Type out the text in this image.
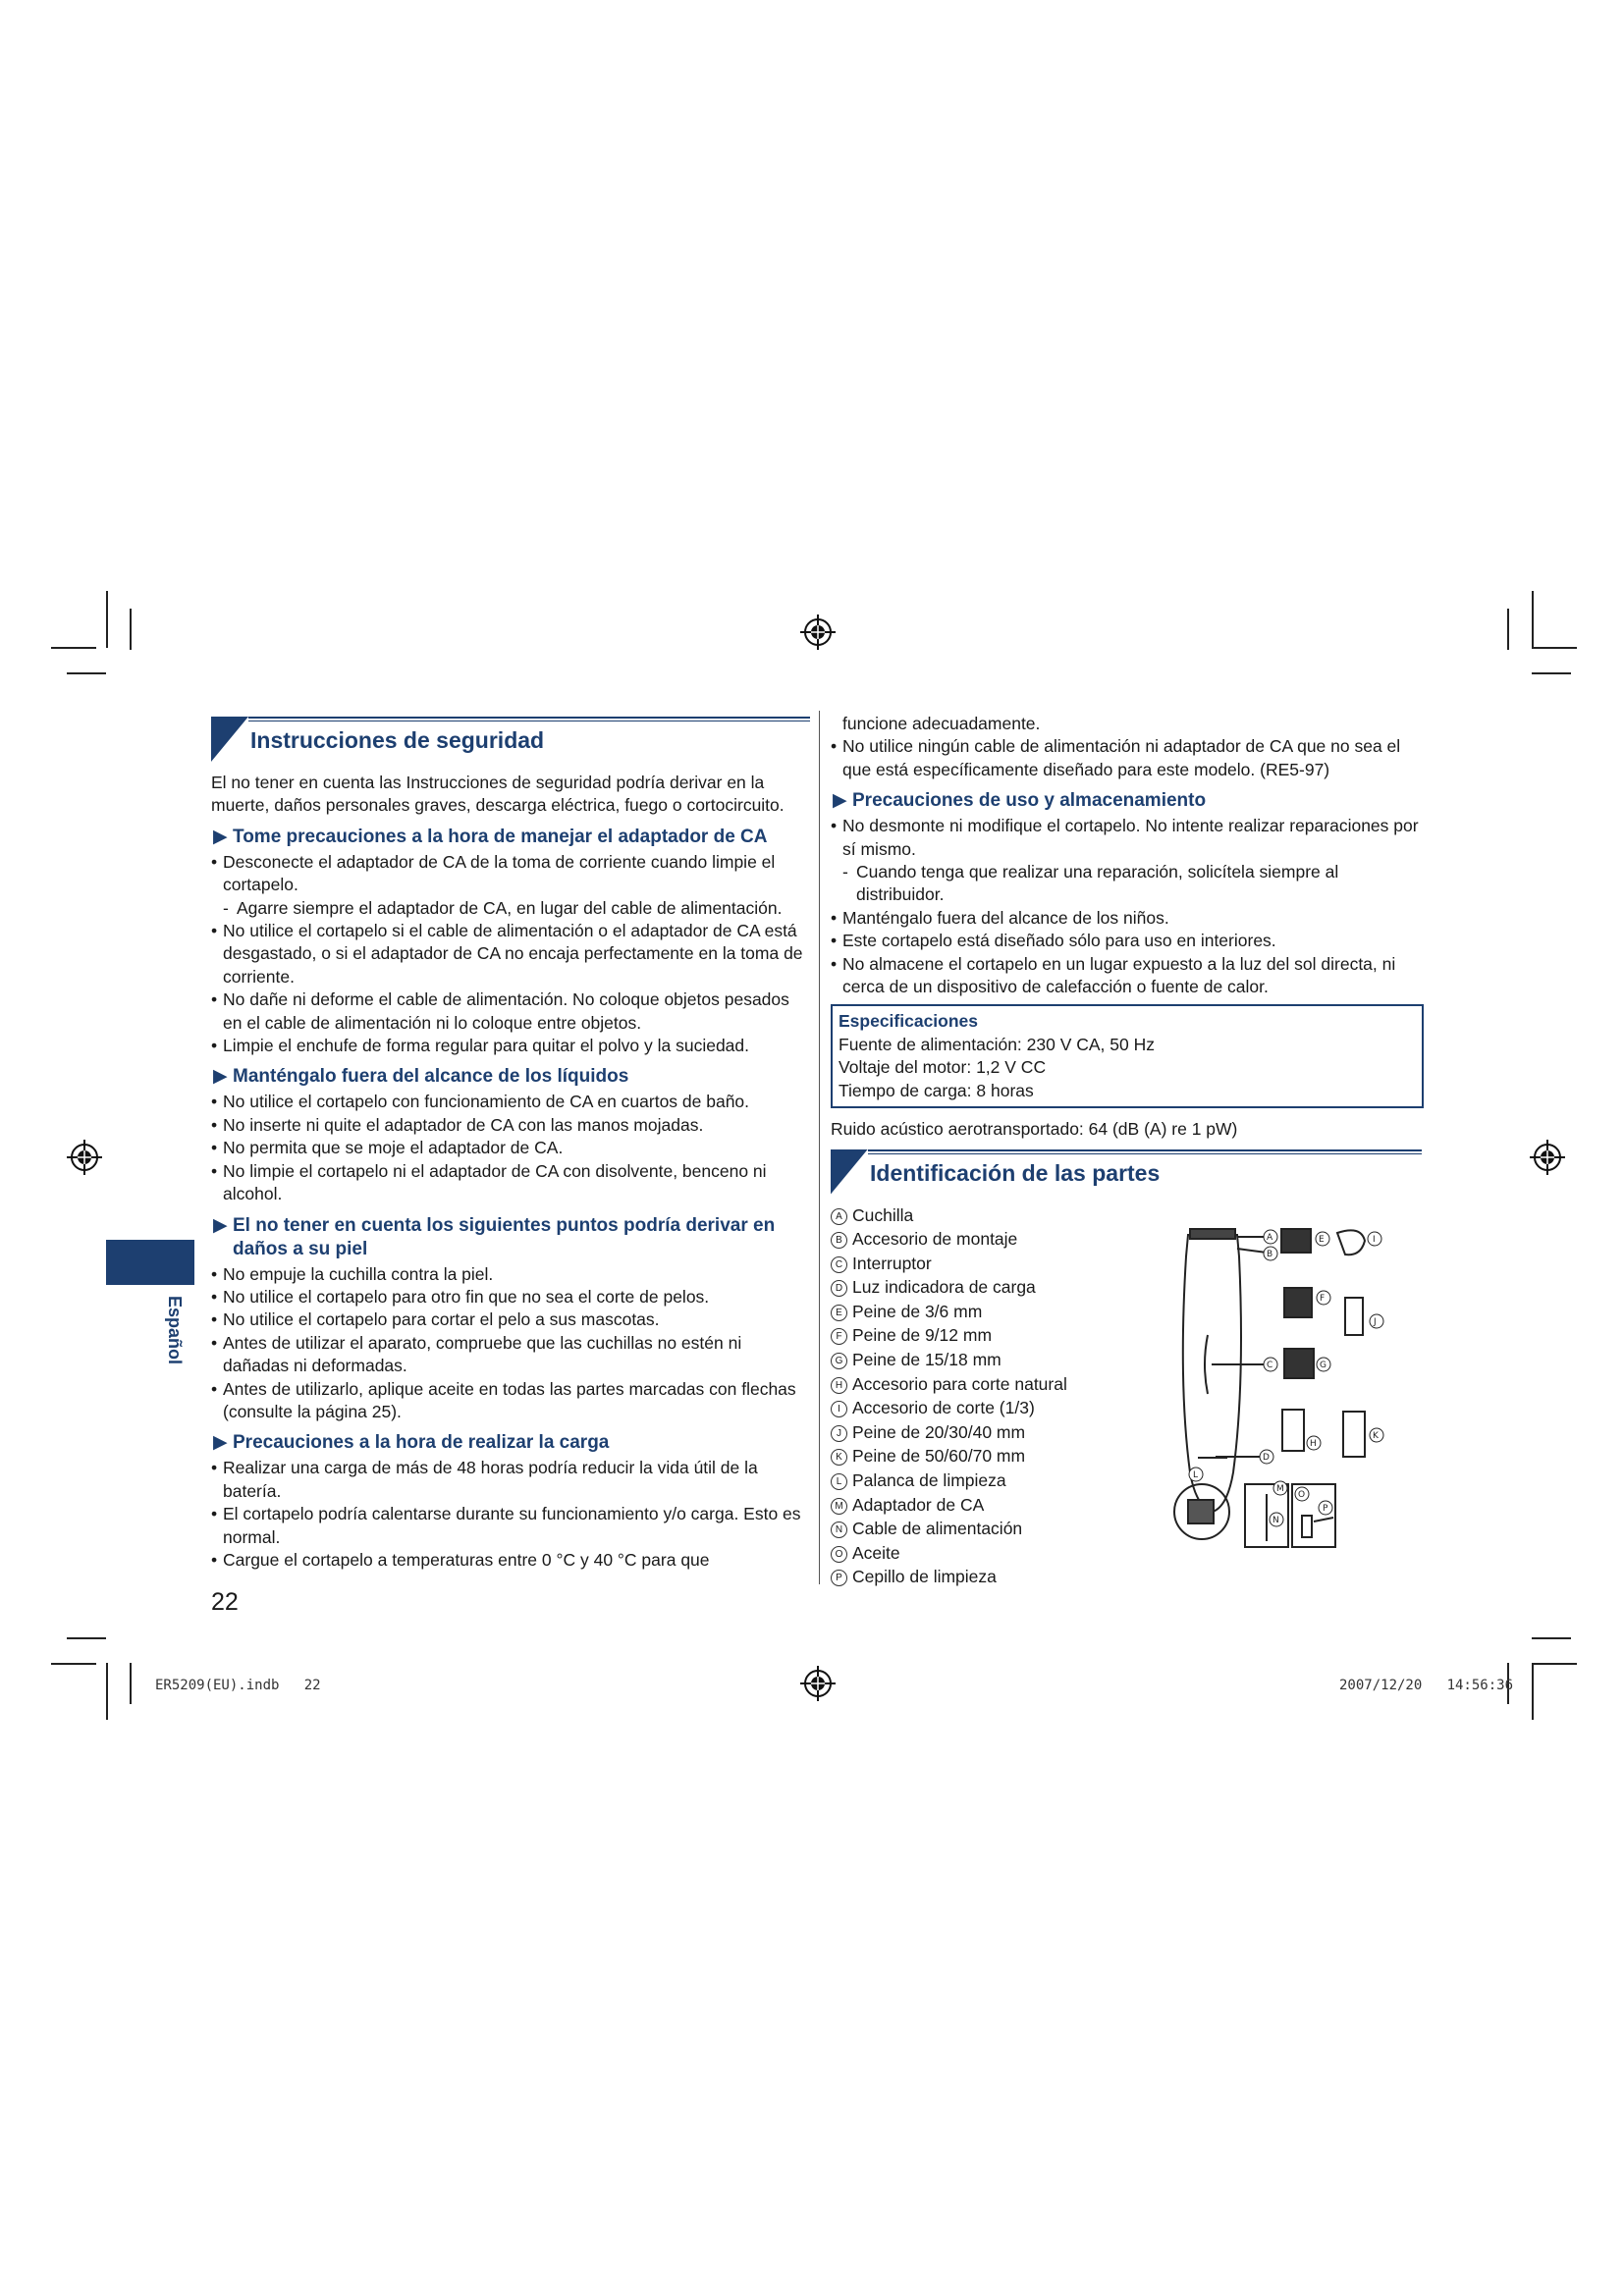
Español
Instrucciones de seguridad

El no tener en cuenta las Instrucciones de seguridad podría derivar en la muerte, daños personales graves, descarga eléctrica, fuego o cortocircuito.

▶ Tome precauciones a la hora de manejar el adaptador de CA
• Desconecte el adaptador de CA de la toma de corriente cuando limpie el cortapelo.
- Agarre siempre el adaptador de CA, en lugar del cable de alimentación.
• No utilice el cortapelo si el cable de alimentación o el adaptador de CA está desgastado, o si el adaptador de CA no encaja perfectamente en la toma de corriente.
• No dañe ni deforme el cable de alimentación. No coloque objetos pesados en el cable de alimentación ni lo coloque entre objetos.
• Limpie el enchufe de forma regular para quitar el polvo y la suciedad.
▶ Manténgalo fuera del alcance de los líquidos
• No utilice el cortapelo con funcionamiento de CA en cuartos de baño.
• No inserte ni quite el adaptador de CA con las manos mojadas.
• No permita que se moje el adaptador de CA.
• No limpie el cortapelo ni el adaptador de CA con disolvente, benceno ni alcohol.
▶ El no tener en cuenta los siguientes puntos podría derivar en daños a su piel
• No empuje la cuchilla contra la piel.
• No utilice el cortapelo para otro fin que no sea el corte de pelos.
• No utilice el cortapelo para cortar el pelo a sus mascotas.
• Antes de utilizar el aparato, compruebe que las cuchillas no estén ni dañadas ni deformadas.
• Antes de utilizarlo, aplique aceite en todas las partes marcadas con flechas (consulte la página 25).
▶ Precauciones a la hora de realizar la carga
• Realizar una carga de más de 48 horas podría reducir la vida útil de la batería.
• El cortapelo podría calentarse durante su funcionamiento y/o carga. Esto es normal.
• Cargue el cortapelo a temperaturas entre 0 °C y 40 °C para que
funcione adecuadamente.
• No utilice ningún cable de alimentación ni adaptador de CA que no sea el que está específicamente diseñado para este modelo. (RE5-97)
▶ Precauciones de uso y almacenamiento
• No desmonte ni modifique el cortapelo. No intente realizar reparaciones por sí mismo.
- Cuando tenga que realizar una reparación, solicítela siempre al distribuidor.
• Manténgalo fuera del alcance de los niños.
• Este cortapelo está diseñado sólo para uso en interiores.
• No almacene el cortapelo en un lugar expuesto a la luz del sol directa, ni cerca de un dispositivo de calefacción o fuente de calor.
Especificaciones
Fuente de alimentación: 230 V CA, 50 Hz
Voltaje del motor: 1,2 V CC
Tiempo de carga: 8 horas
Ruido acústico aerotransportado: 64 (dB (A) re 1 pW)
Identificación de las partes
A Cuchilla
B Accesorio de montaje
C Interruptor
D Luz indicadora de carga
E Peine de 3/6 mm
F Peine de 9/12 mm
G Peine de 15/18 mm
H Accesorio para corte natural
I Accesorio de corte (1/3)
J Peine de 20/30/40 mm
K Peine de 50/60/70 mm
L Palanca de limpieza
M Adaptador de CA
N Cable de alimentación
O Aceite
P Cepillo de limpieza
A
B
C
D
E	I
F
J
G
H
K
L
M
N
O
P
22
ER5209(EU).indb   22	2007/12/20   14:56:36
